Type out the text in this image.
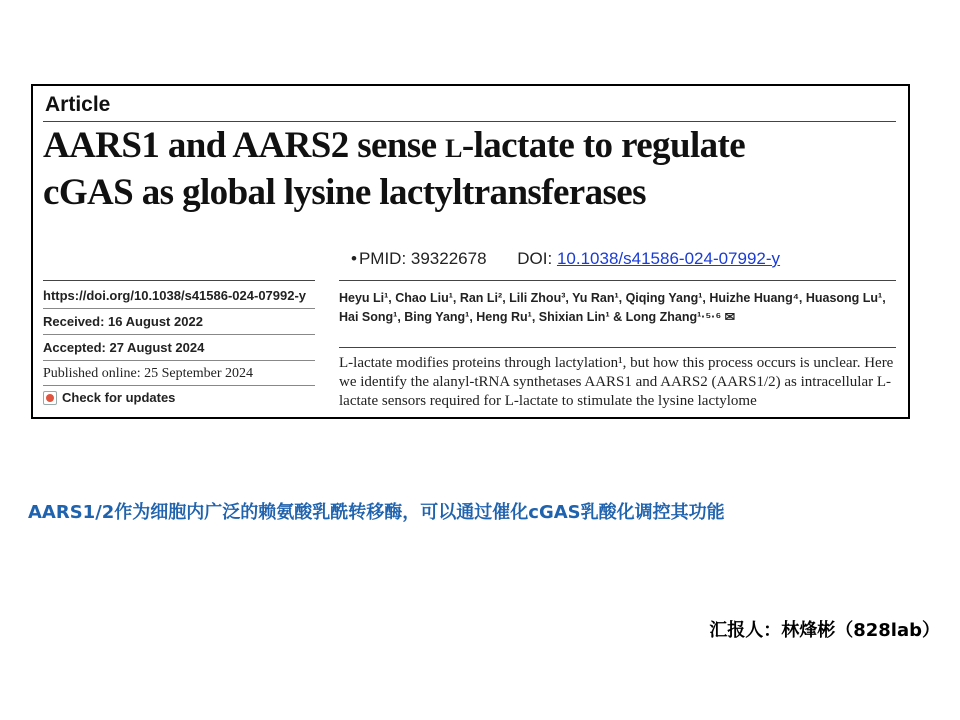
Article
AARS1 and AARS2 sense L-lactate to regulate
cGAS as global lysine lactyltransferases
• PMID: 39322678 DOI: 10.1038/s41586-024-07992-y
https://doi.org/10.1038/s41586-024-07992-y
Received: 16 August 2022
Accepted: 27 August 2024
Published online: 25 September 2024
Check for updates
Heyu Li¹, Chao Liu¹, Ran Li², Lili Zhou³, Yu Ran¹, Qiqing Yang¹, Huizhe Huang⁴, Huasong Lu¹,
Hai Song¹, Bing Yang¹, Heng Ru¹, Shixian Lin¹ & Long Zhang¹·⁵·⁶ ✉
L-lactate modifies proteins through lactylation¹, but how this process occurs is unclear. Here we identify the alanyl-tRNA synthetases AARS1 and AARS2 (AARS1/2) as intracellular L-lactate sensors required for L-lactate to stimulate the lysine lactylome
AARS1/2作为细胞内广泛的赖氨酸乳酰转移酶，可以通过催化cGAS乳酸化调控其功能
汇报人：林烽彬（828lab）
